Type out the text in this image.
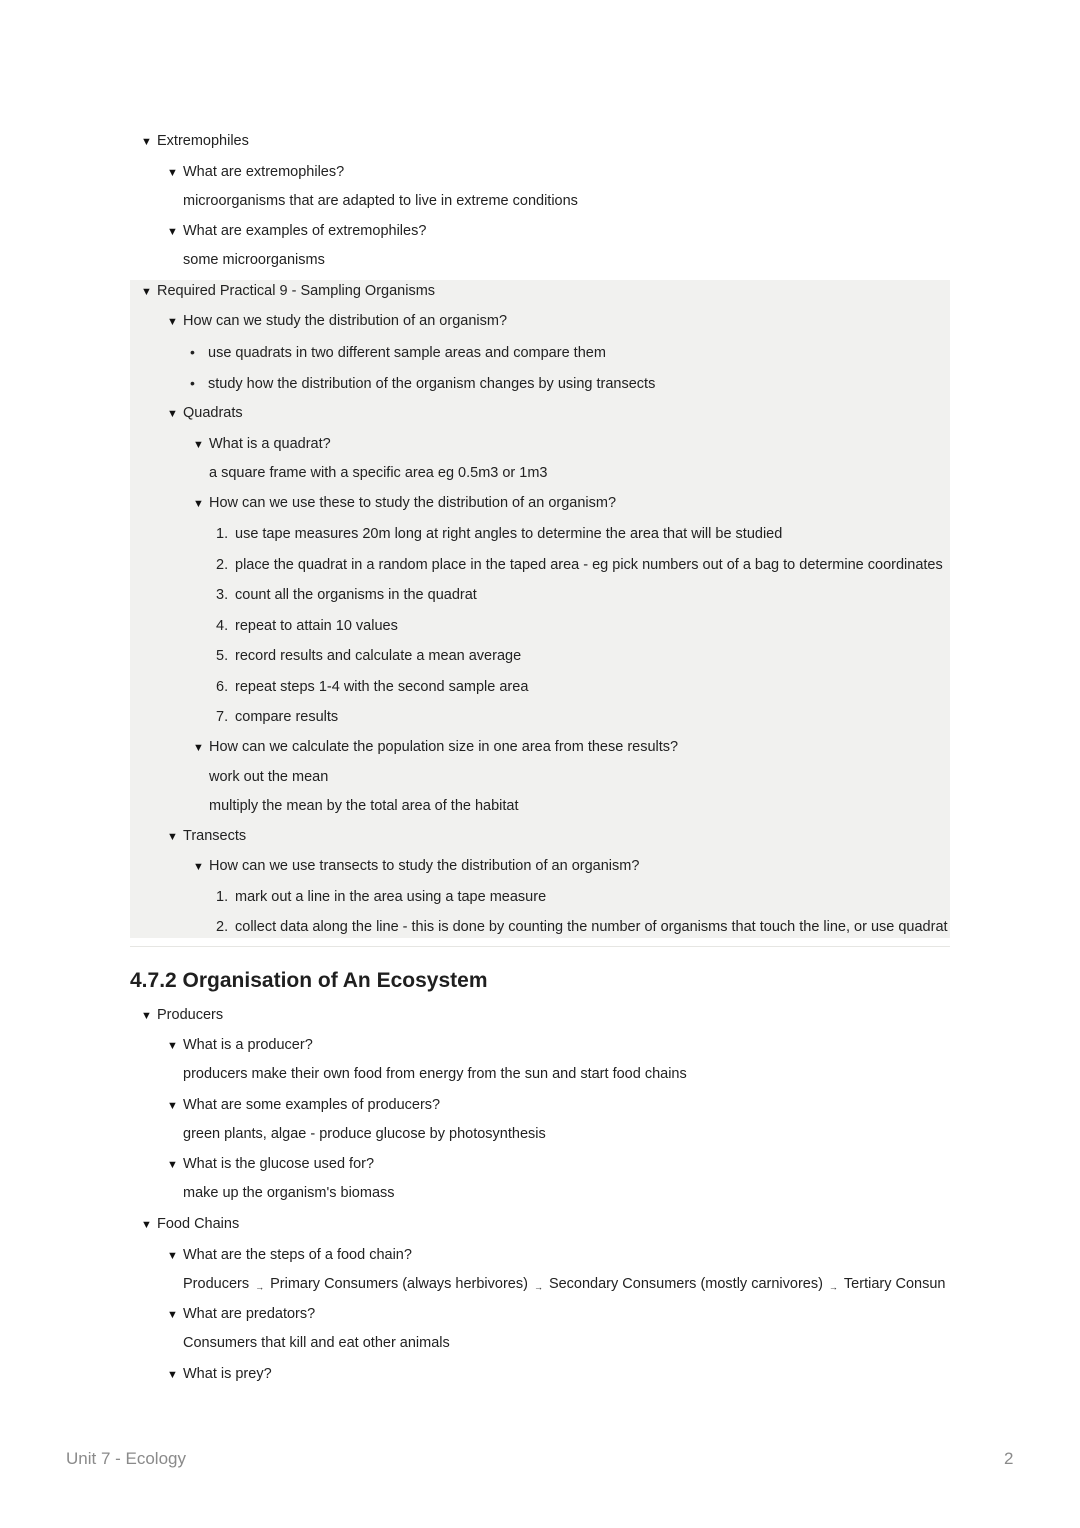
▼ Extremophiles
▼ What are extremophiles?
microorganisms that are adapted to live in extreme conditions
▼ What are examples of extremophiles?
some microorganisms
▼ Required Practical 9 - Sampling Organisms
▼ How can we study the distribution of an organism?
• use quadrats in two different sample areas and compare them
• study how the distribution of the organism changes by using transects
▼ Quadrats
▼ What is a quadrat?
a square frame with a specific area eg 0.5m3 or 1m3
▼ How can we use these to study the distribution of an organism?
1. use tape measures 20m long at right angles to determine the area that will be studied
2. place the quadrat in a random place in the taped area - eg pick numbers out of a bag to determine coordinates
3. count all the organisms in the quadrat
4. repeat to attain 10 values
5. record results and calculate a mean average
6. repeat steps 1-4 with the second sample area
7. compare results
▼ How can we calculate the population size in one area from these results?
work out the mean
multiply the mean by the total area of the habitat
▼ Transects
▼ How can we use transects to study the distribution of an organism?
1. mark out a line in the area using a tape measure
2. collect data along the line - this is done by counting the number of organisms that touch the line, or use quadrat
4.7.2 Organisation of An Ecosystem
▼ Producers
▼ What is a producer?
producers make their own food from energy from the sun and start food chains
▼ What are some examples of producers?
green plants, algae - produce glucose by photosynthesis
▼ What is the glucose used for?
make up the organism's biomass
▼ Food Chains
▼ What are the steps of a food chain?
Producers → Primary Consumers (always herbivores) → Secondary Consumers (mostly carnivores) → Tertiary Consun
▼ What are predators?
Consumers that kill and eat other animals
▼ What is prey?
Unit 7 - Ecology	2
